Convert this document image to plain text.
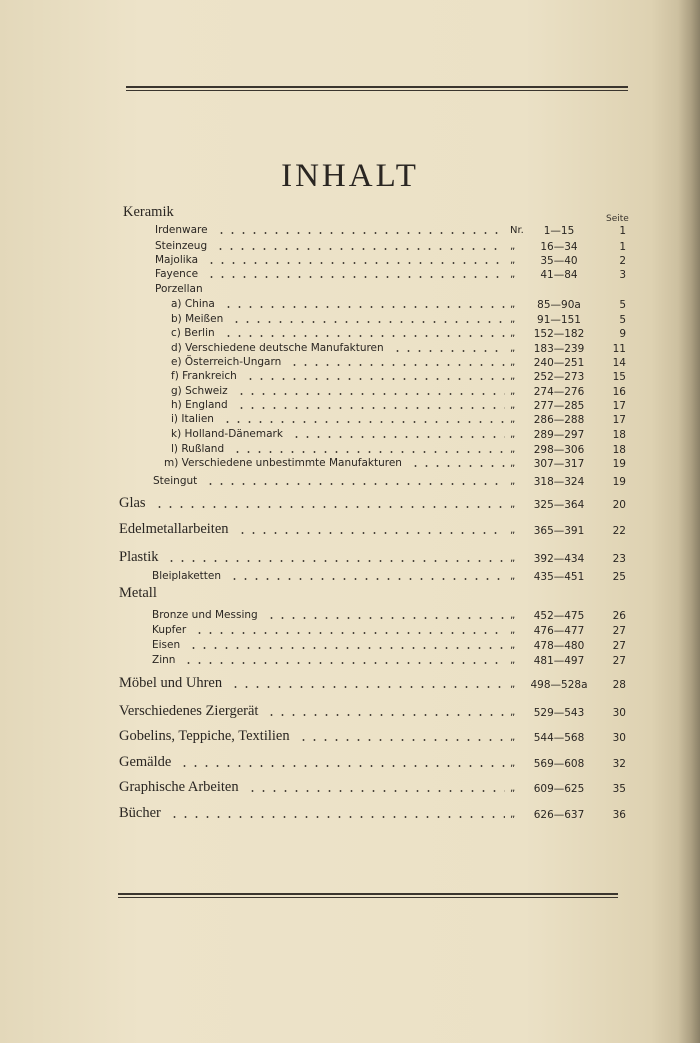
INHALT
Seite
Keramik
Irdenware	Nr.	1—15	1
Steinzeug	„	16—34	1
Majolika	„	35—40	2
Fayence	„	41—84	3
Porzellan
a) China	„	85—90a	5
b) Meißen	„	91—151	5
c) Berlin	„	152—182	9
d) Verschiedene deutsche Manufakturen	„	183—239	11
e) Österreich-Ungarn	„	240—251	14
f) Frankreich	„	252—273	15
g) Schweiz	„	274—276	16
h) England	„	277—285	17
i) Italien	„	286—288	17
k) Holland-Dänemark	„	289—297	18
l) Rußland	„	298—306	18
m) Verschiedene unbestimmte Manufakturen	„	307—317	19
Steingut	„	318—324	19
Glas	„	325—364	20
Edelmetallarbeiten	„	365—391	22
Plastik	„	392—434	23
Bleiplaketten	„	435—451	25
Metall
Bronze und Messing	„	452—475	26
Kupfer	„	476—477	27
Eisen	„	478—480	27
Zinn	„	481—497	27
Möbel und Uhren	„	498—528a	28
Verschiedenes Ziergerät	„	529—543	30
Gobelins, Teppiche, Textilien	„	544—568	30
Gemälde	„	569—608	32
Graphische Arbeiten	„	609—625	35
Bücher	„	626—637	36
